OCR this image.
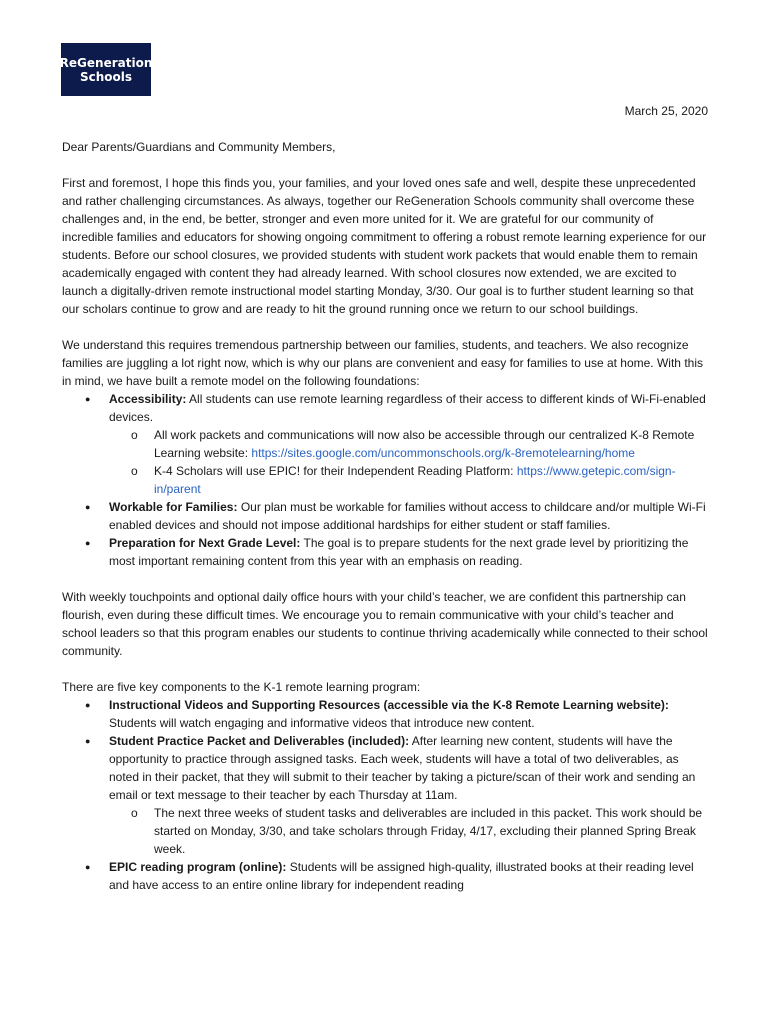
ReGeneration
Schools
March 25, 2020

Dear Parents/Guardians and Community Members,

First and foremost, I hope this finds you, your families, and your loved ones safe and well, despite these unprecedented and rather challenging circumstances. As always, together our ReGeneration Schools community shall overcome these challenges and, in the end, be better, stronger and even more united for it. We are grateful for our community of incredible families and educators for showing ongoing commitment to offering a robust remote learning experience for our students. Before our school closures, we provided students with student work packets that would enable them to remain academically engaged with content they had already learned. With school closures now extended, we are excited to launch a digitally-driven remote instructional model starting Monday, 3/30. Our goal is to further student learning so that our scholars continue to grow and are ready to hit the ground running once we return to our school buildings.

We understand this requires tremendous partnership between our families, students, and teachers. We also recognize families are juggling a lot right now, which is why our plans are convenient and easy for families to use at home. With this in mind, we have built a remote model on the following foundations:

● Accessibility: All students can use remote learning regardless of their access to different kinds of Wi-Fi-enabled devices.
o All work packets and communications will now also be accessible through our centralized K-8 Remote Learning website: https://sites.google.com/uncommonschools.org/k-8remotelearning/home
o K-4 Scholars will use EPIC! for their Independent Reading Platform: https://www.getepic.com/sign-in/parent
● Workable for Families: Our plan must be workable for families without access to childcare and/or multiple Wi-Fi enabled devices and should not impose additional hardships for either student or staff families.
● Preparation for Next Grade Level: The goal is to prepare students for the next grade level by prioritizing the most important remaining content from this year with an emphasis on reading.

With weekly touchpoints and optional daily office hours with your child’s teacher, we are confident this partnership can flourish, even during these difficult times. We encourage you to remain communicative with your child’s teacher and school leaders so that this program enables our students to continue thriving academically while connected to their school community.

There are five key components to the K-1 remote learning program:

● Instructional Videos and Supporting Resources (accessible via the K-8 Remote Learning website): Students will watch engaging and informative videos that introduce new content.
● Student Practice Packet and Deliverables (included): After learning new content, students will have the opportunity to practice through assigned tasks. Each week, students will have a total of two deliverables, as noted in their packet, that they will submit to their teacher by taking a picture/scan of their work and sending an email or text message to their teacher by each Thursday at 11am.
o The next three weeks of student tasks and deliverables are included in this packet. This work should be started on Monday, 3/30, and take scholars through Friday, 4/17, excluding their planned Spring Break week.
● EPIC reading program (online): Students will be assigned high-quality, illustrated books at their reading level and have access to an entire online library for independent reading
